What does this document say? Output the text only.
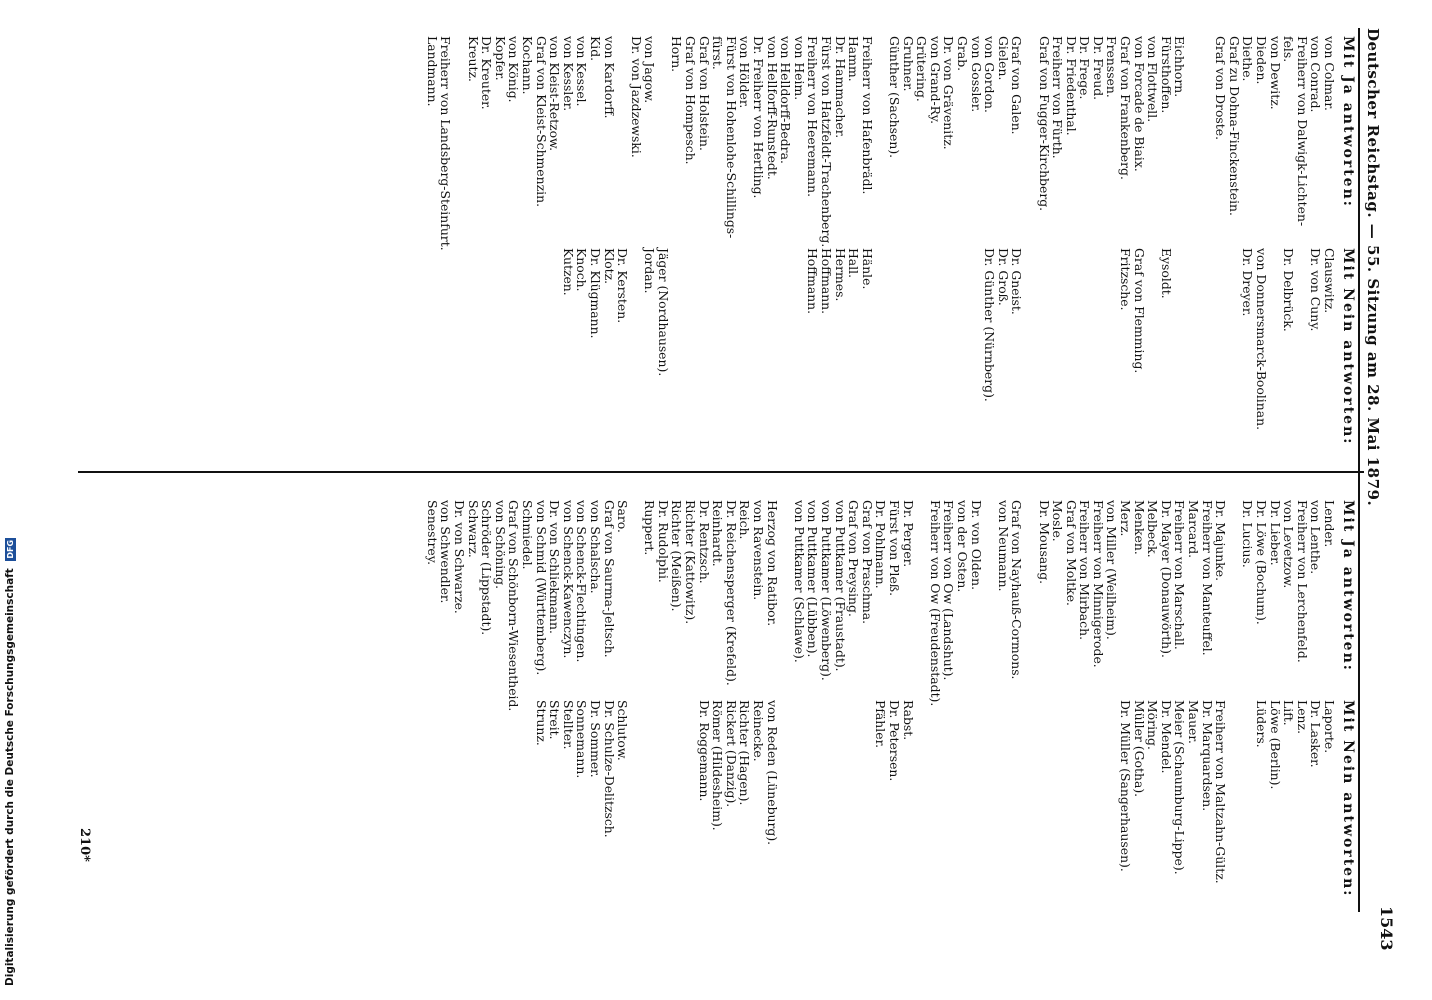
Deutscher Reichstag. — 55. Sitzung am 28. Mai 1879.
1543
Mit Ja antworten:
von Colmar.
von Conrad.
Freiherr von Dalwigk-Lichten-
fels.
von Dewitz.
Dieden.
Diethe.
Graf zu Dohna-Finckenstein.
Graf von Droste.

Eichhorn.
Fürsthoffen.
von Flottwell.
von Forcade de Biaix.
Graf von Frankenberg.
Frenssen.
Dr. Freud.
Dr. Frege.
Dr. Friedenthal.
Freiherr von Fürth.
Graf von Fugger-Kirchberg.

Graf von Galen.
Gielen.
von Gordon.
von Gossler.
Grab.
Dr. von Grävenitz.
von Grand-Ry.
Grütering.
Gruhner.
Günther (Sachsen).

Freiherr von Hafenbrädl.
Hamm.
Dr. Hammacher.
Fürst von Hatzfeldt-Trachenberg.
Freiherr von Heeremann.
von Heim.
von Helldorff-Bedra.
von Hellforff-Runstedt.
Dr. Freiherr von Hertling.
von Hölder.
Fürst von Hohenlohe-Schillings-
fürst.
Graf von Holstein.
Graf von Hompesch.
Horn.

von Jagow.
Dr. von Jazdzewski.

von Kardorff.
Kid.
von Kessel.
von Kessler.
von Kleist-Retzow.
Graf von Kleist-Schmenzin.
Kochann.
von König.
Kopfer.
Dr. Kreuter.
Kreutz.

Freiherr von Landsberg-Steinfurt.
Landmann.
Mit Nein antworten:
Clauswitz.
Dr. von Cuny.

Dr. Delbrück.

von Donnersmarck-Boolinan.
Dr. Dreyer.

Eysoldt.

Graf von Flemming.
Fritzsche.

Dr. Gneist.
Dr. Groß.
Dr. Günther (Nürnberg).

Hänle.
Hall.
Hermes.
Hoffmann.
Hoffmann.

Jäger (Nordhausen).
Jordan.

Dr. Kersten.
Klotz.
Dr. Klügmann.
Knoch.
Kutzen.
Mit Ja antworten:
Lender.
von Lenthe.
Freiherr von Lerchenfeld.
von Levetzow.
Dr. Lieber.
Dr. Löwe (Bochum).
Dr. Lucius.

Dr. Majunke.
Freiherr von Manteuffel.
Marcard.
Freiherr von Marschall.
Dr. Mayer (Donauwörth).
Melbeck.
Menken.
Merz.
von Miller (Weilheim).
Freiherr von Minnigerode.
Freiherr von Mirbach.
Graf von Moltke.
Mosle.
Dr. Mousang.

Graf von Nayhauß-Cormons.
von Neumann.

Dr. von Olden.
von der Osten.
Freiherr von Ow (Landshut).
Freiherr von Ow (Freudenstadt).

Dr. Perger.
Fürst von Pleß.
Dr. Pohlmann.
Graf von Praschma.
Graf von Preysing.
von Puttkamer (Fraustadt).
von Puttkamer (Löwenberg).
von Puttkamer (Lübben).
von Puttkamer (Schlawe).

Herzog von Ratibor.
von Ravenstein.
Reich.
Dr. Reichensperger (Krefeld).
Reinhardt.
Dr. Rentzsch.
Richter (Kattowitz).
Richter (Meißen).
Dr. Rudolphi.
Ruppert.

Saro.
Graf von Saurma-Jeltsch.
von Schalscha.
von Schenck-Flechtingen.
von Schenck-Kawenczyn.
Dr. von Schliekmann.
von Schmid (Württemberg).
Schmiedel.
Graf von Schönborn-Wiesentheid.
von Schöning.
Schröder (Lippstadt).
Schwarz.
Dr. von Schwarze.
von Schwendler.
Senestrey.
Mit Nein antworten:
Laporte.
Dr. Lasker.
Lenz.
Lift.
Löwe (Berlin).
Lüders.

Freiherr von Maltzahn-Gültz.
Dr. Marquardsen.
Mauer.
Meier (Schaumburg-Lippe).
Dr. Mendel.
Möring.
Müller (Gotha).
Dr. Müller (Sangerhausen).

Rabst.
Dr. Petersen.
Pfähler.

von Reden (Lüneburg).
Reinecke.
Richter (Hagen).
Rickert (Danzig).
Römer (Hildesheim).
Dr. Roggemann.

Schlutow.
Dr. Schulze-Delitzsch.
Dr. Sommer.
Sonnemann.
Stellter.
Streit.
Strunz.
210*
Digitalisierung gefördert durch die Deutsche Forschungsgemeinschaft DFG
